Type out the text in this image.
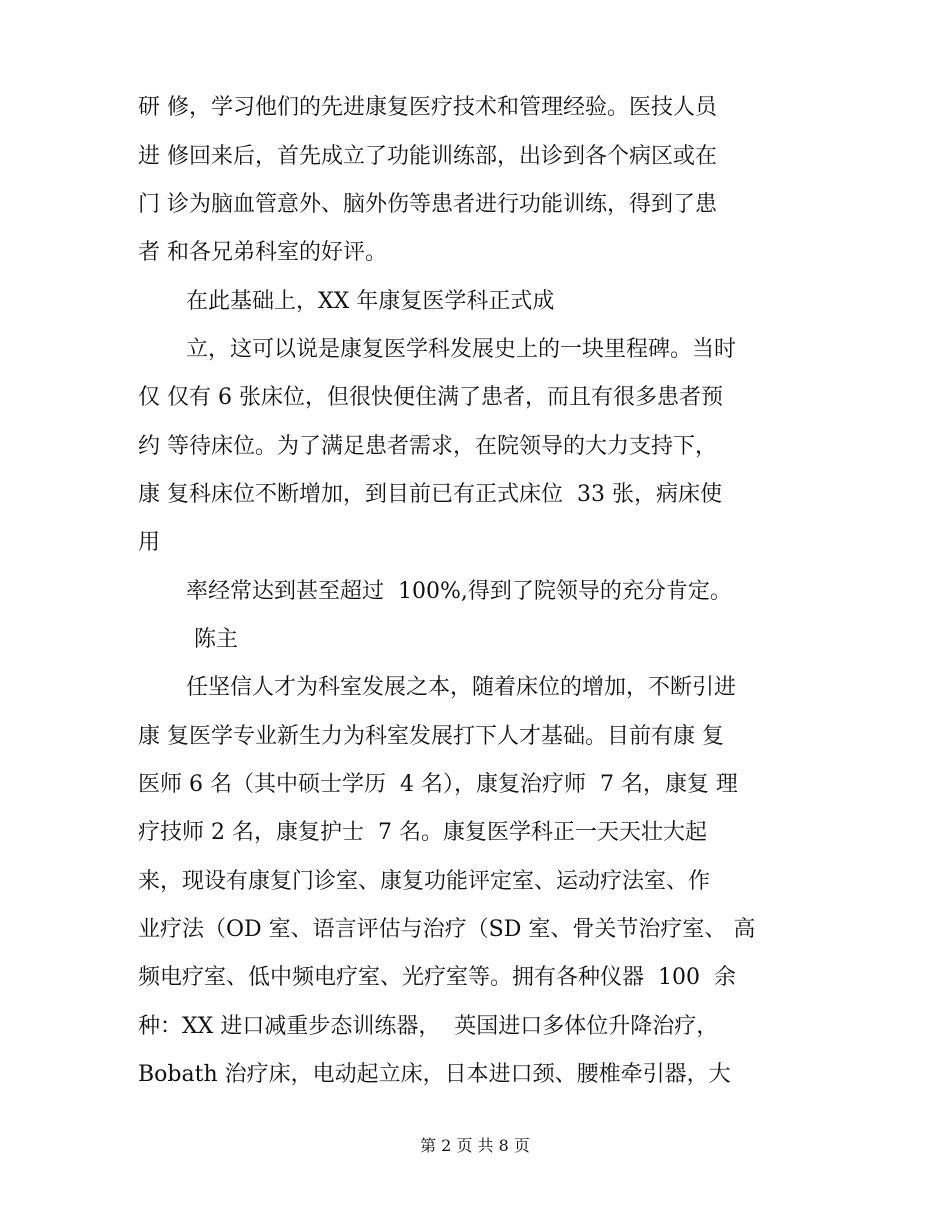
研 修，学习他们的先进康复医疗技术和管理经验。医技人员
进 修回来后，首先成立了功能训练部，出诊到各个病区或在
门 诊为脑血管意外、脑外伤等患者进行功能训练，得到了患
者 和各兄弟科室的好评。
在此基础上，XX 年康复医学科正式成
立，这可以说是康复医学科发展史上的一块里程碑。当时
仅 仅有 6 张床位，但很快便住满了患者，而且有很多患者预
约 等待床位。为了满足患者需求，在院领导的大力支持下，
康 复科床位不断增加，到目前已有正式床位  33 张，病床使
用
率经常达到甚至超过  100%,得到了院领导的充分肯定。
陈主
任坚信人才为科室发展之本，随着床位的增加，不断引进
康 复医学专业新生力为科室发展打下人才基础。目前有康 复
医师 6 名（其中硕士学历  4 名），康复治疗师  7 名，康复 理
疗技师 2 名，康复护士  7 名。康复医学科正一天天壮大起
来，现设有康复门诊室、康复功能评定室、运动疗法室、作
业疗法（OD 室、语言评估与治疗（SD 室、骨关节治疗室、 高
频电疗室、低中频电疗室、光疗室等。拥有各种仪器  100  余
种：XX 进口减重步态训练器，  英国进口多体位升降治疗，
Bobath 治疗床，电动起立床，日本进口颈、腰椎牵引器，大
第 2 页 共 8 页
